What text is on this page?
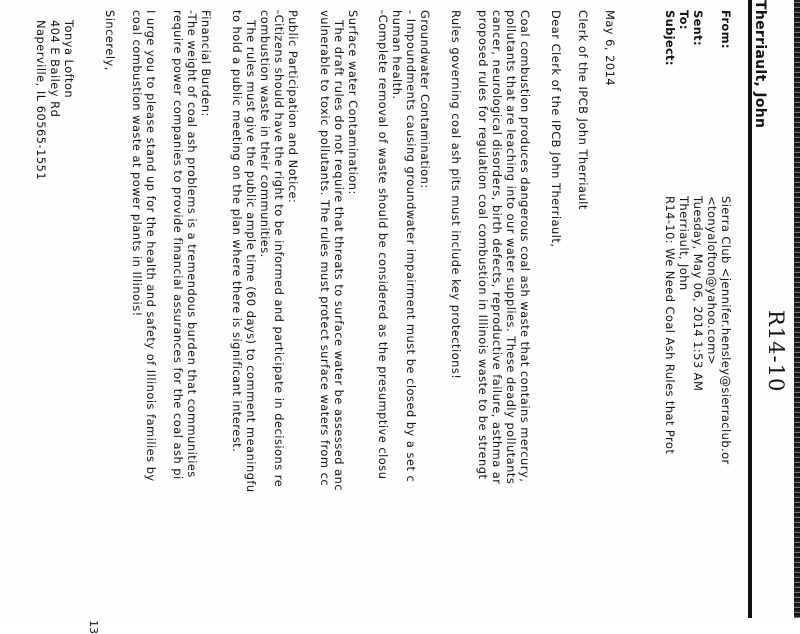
R14-10
Therriault, John
From:
Sierra Club <jennifer.hensley@sierraclub.or
<tonyalofton@yahoo.com>
Sent:
Tuesday, May 06, 2014 1:53 AM
To:
Therriault, John
Subject:
R14-10: We Need Coal Ash Rules that Prot
May 6, 2014
Clerk of the IPCB John Therriault
Dear Clerk of the IPCB John Therriault,
Coal combustion produces dangerous coal ash waste that contains mercury,
pollutants that are leaching into our water supplies. These deadly pollutants
cancer, neurological disorders, birth defects, reproductive failure, asthma ar
proposed rules for regulation coal combustion in Illinois waste to be strengt
Rules governing coal ash pits must include key protections!
Groundwater Contamination:
- Impoundments causing groundwater impairment must be closed by a set c
human health.
-Complete removal of waste should be considered as the presumptive closu
Surface water Contamination:
The draft rules do not require that threats to surface water be assessed anc
vulnerable to toxic pollutants. The rules must protect surface waters from cc
Public Participation and Notice:
-Citizens should have the right to be informed and participate in decisions re
combustion waste in their communities.
The rules must give the public ample time (60 days) to comment meaningfu
to hold a public meeting on the plan where there is significant interest.
Financial Burden:
-The weight of coal ash problems is a tremendous burden that communities
require power companies to provide financial assurances for the coal ash pi
I urge you to please stand up for the health and safety of Illinois families by
coal combustion waste at power plants in Illinois!
Sincerely,
Tonya Lofton
404 E Bailey Rd
Naperville, IL 60565-1551
13
